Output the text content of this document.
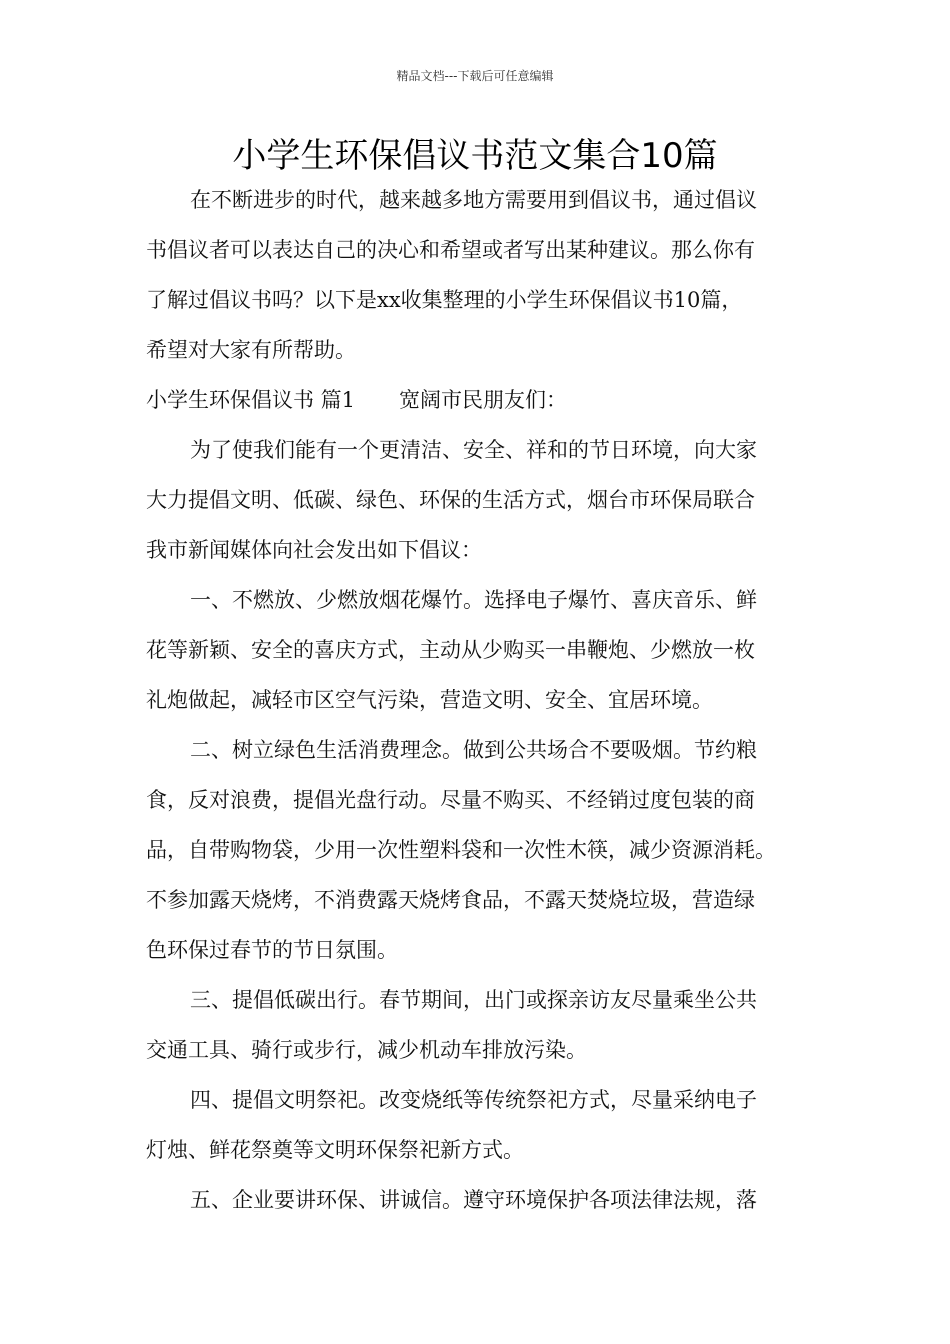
精品文档---下载后可任意编辑
小学生环保倡议书范文集合10篇
在不断进步的时代，越来越多地方需要用到倡议书，通过倡议
书倡议者可以表达自己的决心和希望或者写出某种建议。那么你有
了解过倡议书吗？以下是xx收集整理的小学生环保倡议书10篇，
希望对大家有所帮助。
小学生环保倡议书 篇1 宽阔市民朋友们：
为了使我们能有一个更清洁、安全、祥和的节日环境，向大家
大力提倡文明、低碳、绿色、环保的生活方式，烟台市环保局联合
我市新闻媒体向社会发出如下倡议：
一、不燃放、少燃放烟花爆竹。选择电子爆竹、喜庆音乐、鲜
花等新颖、安全的喜庆方式，主动从少购买一串鞭炮、少燃放一枚
礼炮做起，减轻市区空气污染，营造文明、安全、宜居环境。
二、树立绿色生活消费理念。做到公共场合不要吸烟。节约粮
食，反对浪费，提倡光盘行动。尽量不购买、不经销过度包装的商
品，自带购物袋，少用一次性塑料袋和一次性木筷，减少资源消耗。
不参加露天烧烤，不消费露天烧烤食品，不露天焚烧垃圾，营造绿
色环保过春节的节日氛围。
三、提倡低碳出行。春节期间，出门或探亲访友尽量乘坐公共
交通工具、骑行或步行，减少机动车排放污染。
四、提倡文明祭祀。改变烧纸等传统祭祀方式，尽量采纳电子
灯烛、鲜花祭奠等文明环保祭祀新方式。
五、企业要讲环保、讲诚信。遵守环境保护各项法律法规，落
